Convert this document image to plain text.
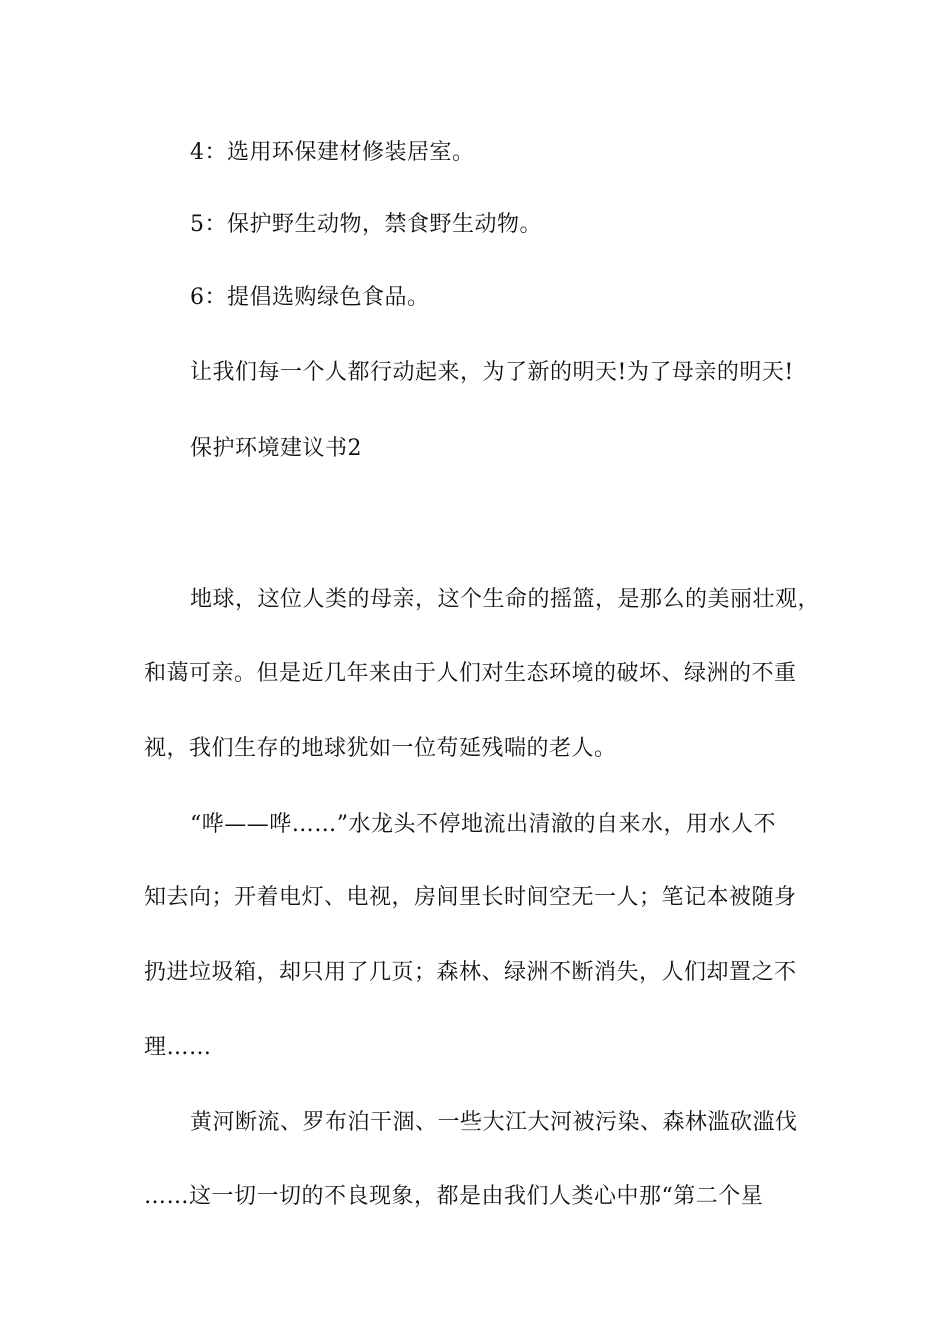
4：选用环保建材修装居室。
5：保护野生动物，禁食野生动物。
6：提倡选购绿色食品。
让我们每一个人都行动起来，为了新的明天!为了母亲的明天!
保护环境建议书2
地球，这位人类的母亲，这个生命的摇篮，是那么的美丽壮观，
和蔼可亲。但是近几年来由于人们对生态环境的破坏、绿洲的不重
视，我们生存的地球犹如一位苟延残喘的老人。
“哗——哗……”水龙头不停地流出清澈的自来水，用水人不
知去向；开着电灯、电视，房间里长时间空无一人；笔记本被随身
扔进垃圾箱，却只用了几页；森林、绿洲不断消失，人们却置之不
理……
黄河断流、罗布泊干涸、一些大江大河被污染、森林滥砍滥伐
……这一切一切的不良现象，都是由我们人类心中那“第二个星
